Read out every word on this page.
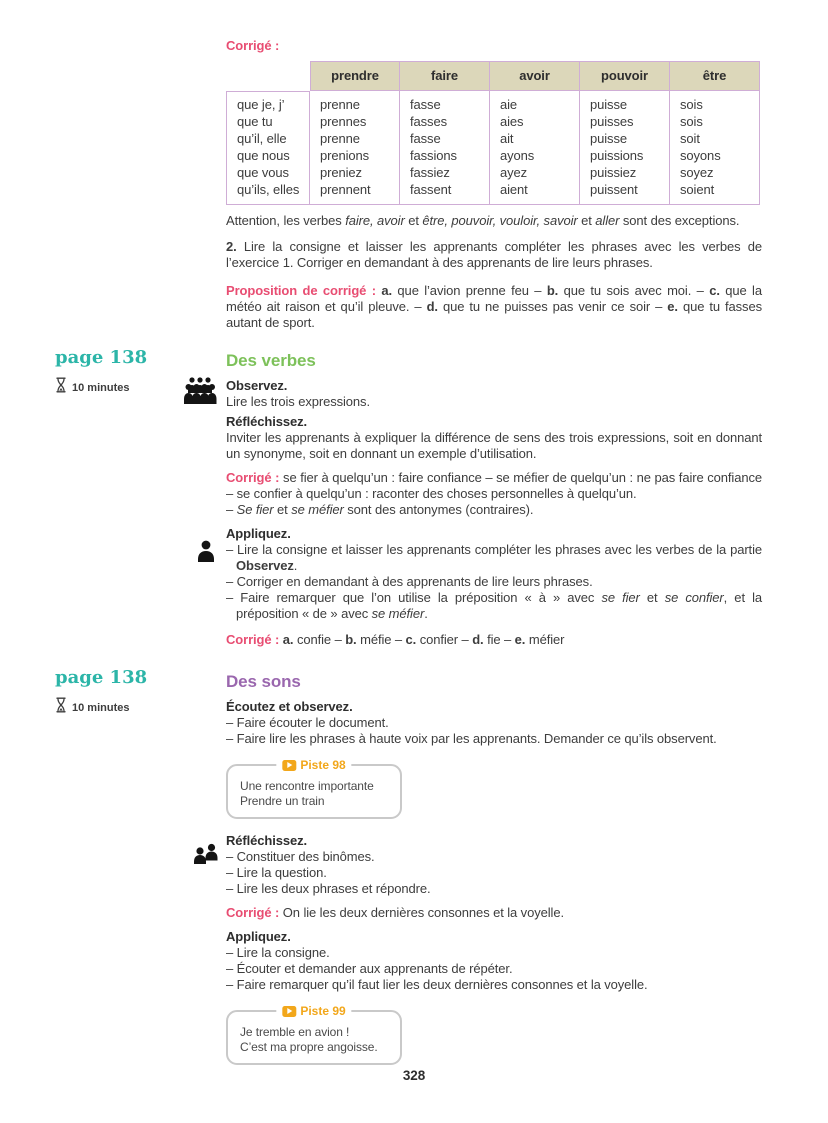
page 138
10 minutes
page 138
10 minutes

Corrigé :

	prendre	faire	avoir	pouvoir	être
que je, j’	prenne	fasse	aie	puisse	sois
que tu	prennes	fasses	aies	puisses	sois
qu’il, elle	prenne	fasse	ait	puisse	soit
que nous	prenions	fassions	ayons	puissions	soyons
que vous	preniez	fassiez	ayez	puissiez	soyez
qu’ils, elles	prennent	fassent	aient	puissent	soient

Attention, les verbes faire, avoir et être, pouvoir, vouloir, savoir et aller sont des exceptions.

2. Lire la consigne et laisser les apprenants compléter les phrases avec les verbes de l’exercice 1. Corriger en demandant à des apprenants de lire leurs phrases.

Proposition de corrigé : a. que l’avion prenne feu – b. que tu sois avec moi. – c. que la météo ait raison et qu’il pleuve. – d. que tu ne puisses pas venir ce soir – e. que tu fasses autant de sport.

Des verbes

Observez.

Lire les trois expressions.

Réfléchissez.

Inviter les apprenants à expliquer la différence de sens des trois expressions, soit en donnant un synonyme, soit en donnant un exemple d’utilisation.

Corrigé : se fier à quelqu’un : faire confiance – se méfier de quelqu’un : ne pas faire confiance – se confier à quelqu’un : raconter des choses personnelles à quelqu’un.

– Se fier et se méfier sont des antonymes (contraires).

Appliquez.

– Lire la consigne et laisser les apprenants compléter les phrases avec les verbes de la partie Observez.

– Corriger en demandant à des apprenants de lire leurs phrases.

– Faire remarquer que l’on utilise la préposition « à » avec se fier et se confier, et la préposition « de » avec se méfier.

Corrigé : a. confie – b. méfie – c. confier – d. fie – e. méfier

Des sons

Écoutez et observez.

– Faire écouter le document.

– Faire lire les phrases à haute voix par les apprenants. Demander ce qu’ils observent.

Piste 98
Une rencontre importante
Prendre un train

Réfléchissez.

– Constituer des binômes.

– Lire la question.

– Lire les deux phrases et répondre.

Corrigé : On lie les deux dernières consonnes et la voyelle.

Appliquez.

– Lire la consigne.

– Écouter et demander aux apprenants de répéter.

– Faire remarquer qu’il faut lier les deux dernières consonnes et la voyelle.

Piste 99
Je tremble en avion !
C’est ma propre angoisse.
328
